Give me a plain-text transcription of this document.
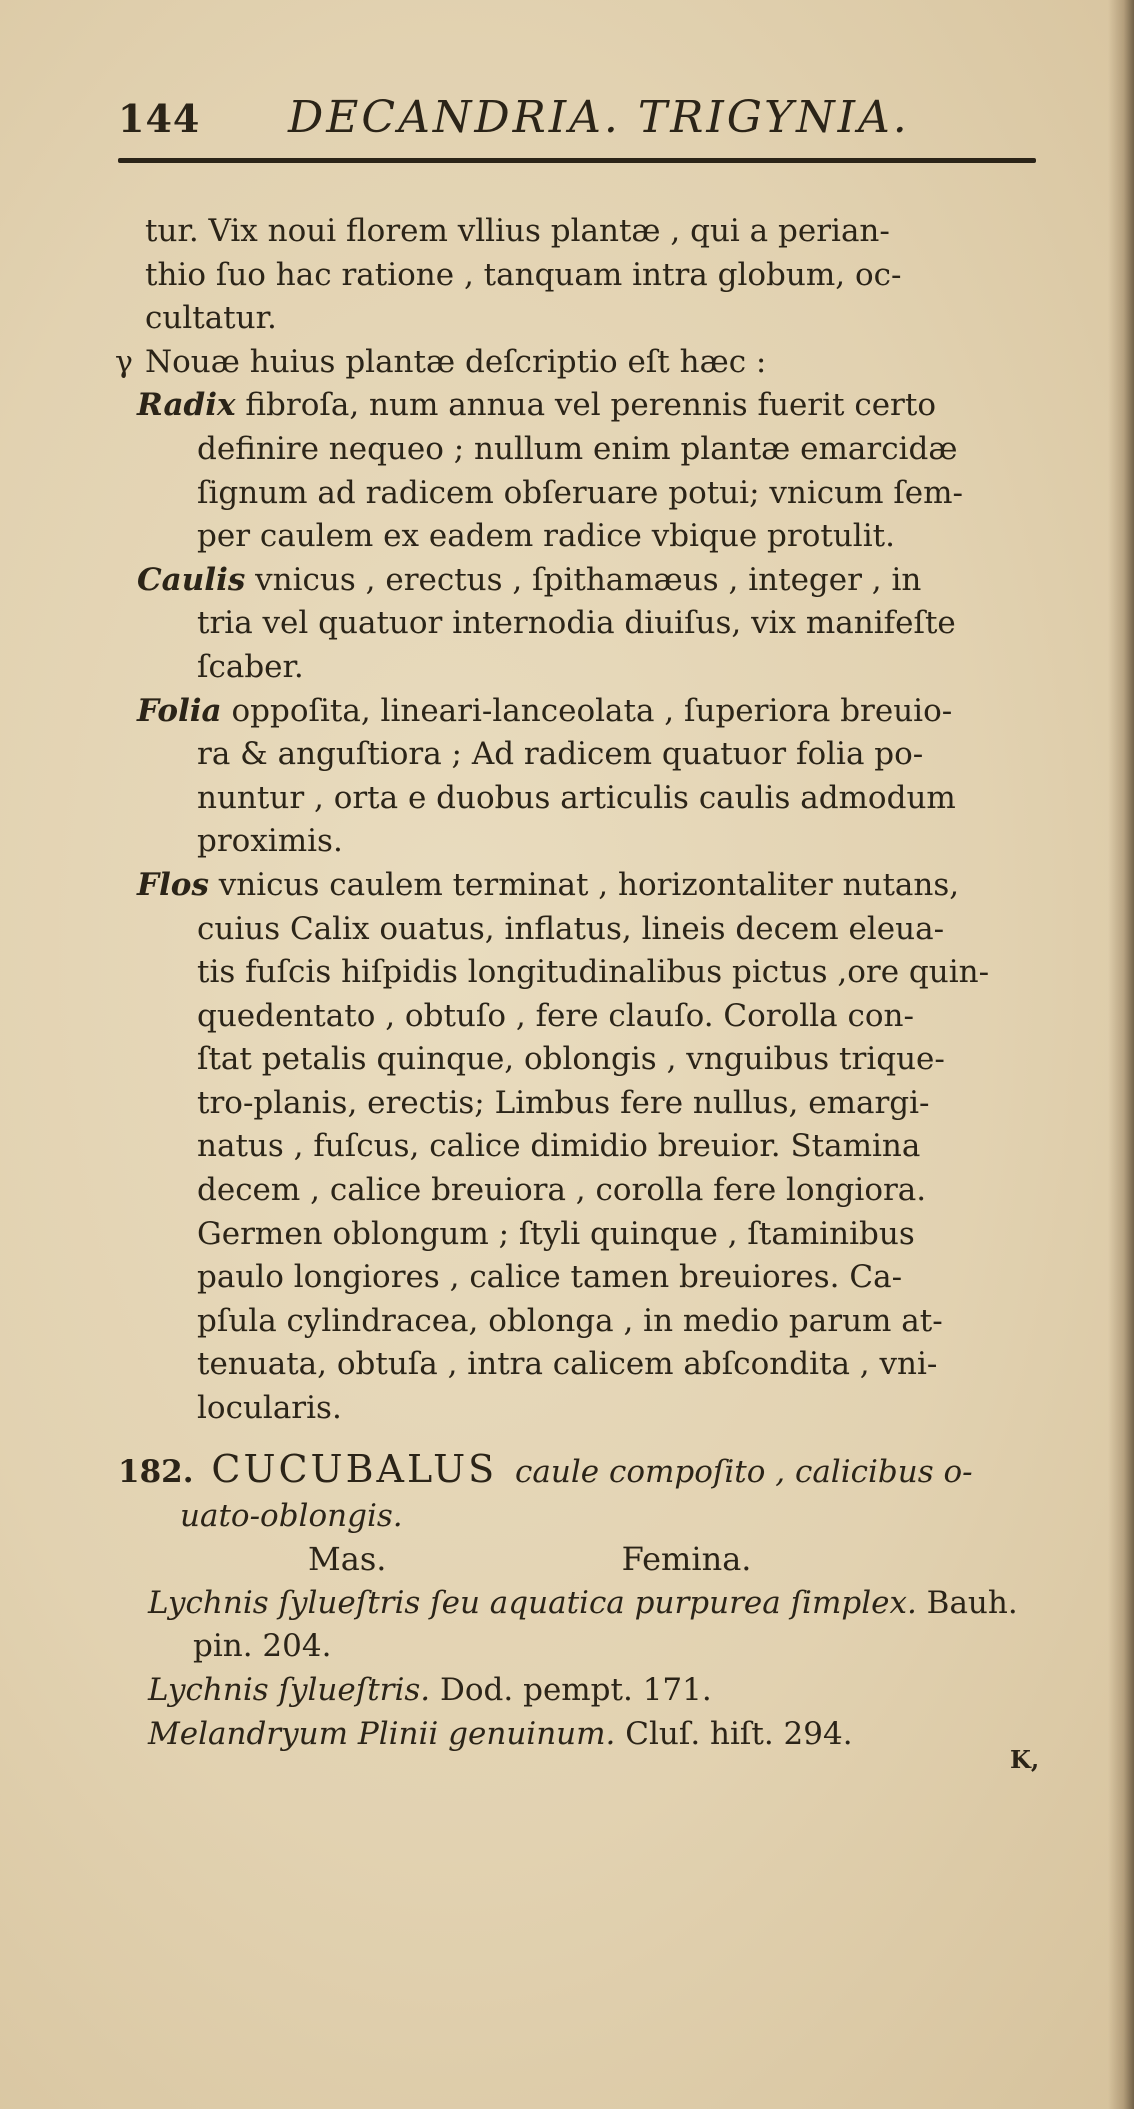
144 DECANDRIA. TRIGYNIA.
tur. Vix noui florem vllius plantæ , qui a perian-
thio ſuo hac ratione , tanquam intra globum, oc-
cultatur.
γ Nouæ huius plantæ deſcriptio eſt hæc :
Radix fibroſa, num annua vel perennis fuerit certo
definire nequeo ; nullum enim plantæ emarcidæ
ſignum ad radicem obſeruare potui; vnicum ſem-
per caulem ex eadem radice vbique protulit.
Caulis vnicus , erectus , ſpithamæus , integer , in
tria vel quatuor internodia diuiſus, vix manifeſte
ſcaber.
Folia oppoſita, lineari-lanceolata , ſuperiora breuio-
ra & anguſtiora ; Ad radicem quatuor folia po-
nuntur , orta e duobus articulis caulis admodum
proximis.
Flos vnicus caulem terminat , horizontaliter nutans,
cuius Calix ouatus, inflatus, lineis decem eleua-
tis fuſcis hiſpidis longitudinalibus pictus ,ore quin-
quedentato , obtuſo , fere clauſo. Corolla con-
ſtat petalis quinque, oblongis , vnguibus trique-
tro-planis, erectis; Limbus fere nullus, emargi-
natus , fuſcus, calice dimidio breuior. Stamina
decem , calice breuiora , corolla fere longiora.
Germen oblongum ; ſtyli quinque , ſtaminibus
paulo longiores , calice tamen breuiores. Ca-
pſula cylindracea, oblonga , in medio parum at-
tenuata, obtuſa , intra calicem abſcondita , vni-
locularis.
182. CUCUBALUS caule compoſito , calicibus o-
uato-oblongis.
Mas.	Femina.
Lychnis ſylueſtris ſeu aquatica purpurea ſimplex. Bauh.
pin. 204.
Lychnis ſylueſtris. Dod. pempt. 171.
Melandryum Plinii genuinum. Cluſ. hiſt. 294.
K,
